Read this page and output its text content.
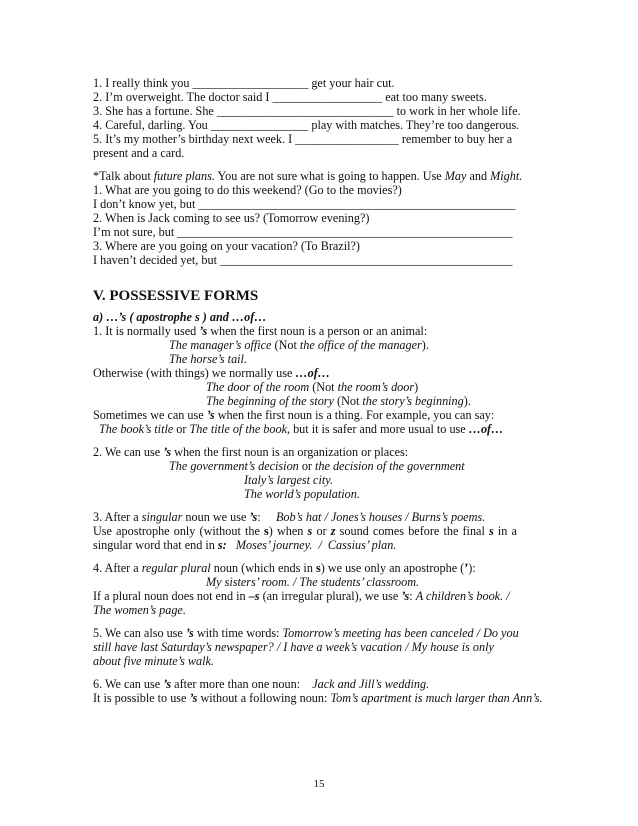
1. I really think you ___________________ get your hair cut.
2. I’m overweight. The doctor said I __________________ eat too many sweets.
3. She has a fortune. She _____________________________ to work in her whole life.
4. Careful, darling. You ________________ play with matches. They’re too dangerous.
5. It’s my mother’s birthday next week. I _________________ remember to buy her a
present and a card.
*Talk about future plans. You are not sure what is going to happen. Use May and Might.
1. What are you going to do this weekend? (Go to the movies?)
I don’t know yet, but ____________________________________________________
2. When is Jack coming to see us? (Tomorrow evening?)
I’m not sure, but _______________________________________________________
3. Where are you going on your vacation? (To Brazil?)
I haven’t decided yet, but ________________________________________________
V. POSSESSIVE FORMS
a) …’s ( apostrophe s ) and …of…
1. It is normally used ’s when the first noun is a person or an animal:
The manager’s office (Not the office of the manager).
The horse’s tail.
Otherwise (with things) we normally use …of…
The door of the room (Not the room’s door)
The beginning of the story (Not the story’s beginning).
Sometimes we can use ’s when the first noun is a thing. For example, you can say:
The book’s title or The title of the book, but it is safer and more usual to use …of…
2. We can use ’s when the first noun is an organization or places:
The government’s decision or the decision of the government
Italy’s largest city.
The world’s population.
3. After a singular noun we use ’s:     Bob’s hat / Jones’s houses / Burns’s poems.
Use apostrophe only (without the s) when s or z sound comes before the final s in a
singular word that end in s:   Moses’ journey.  /  Cassius’ plan.
4. After a regular plural noun (which ends in s) we use only an apostrophe (’):
My sisters’ room. / The students’ classroom.
If a plural noun does not end in –s (an irregular plural), we use ’s: A children’s book. /
The women’s page.
5. We can also use ’s with time words: Tomorrow’s meeting has been canceled / Do you
still have last Saturday’s newspaper? / I have a week’s vacation / My house is only
about five minute’s walk.
6. We can use ’s after more than one noun:    Jack and Jill’s wedding.
It is possible to use ’s without a following noun: Tom’s apartment is much larger than Ann’s.
15
